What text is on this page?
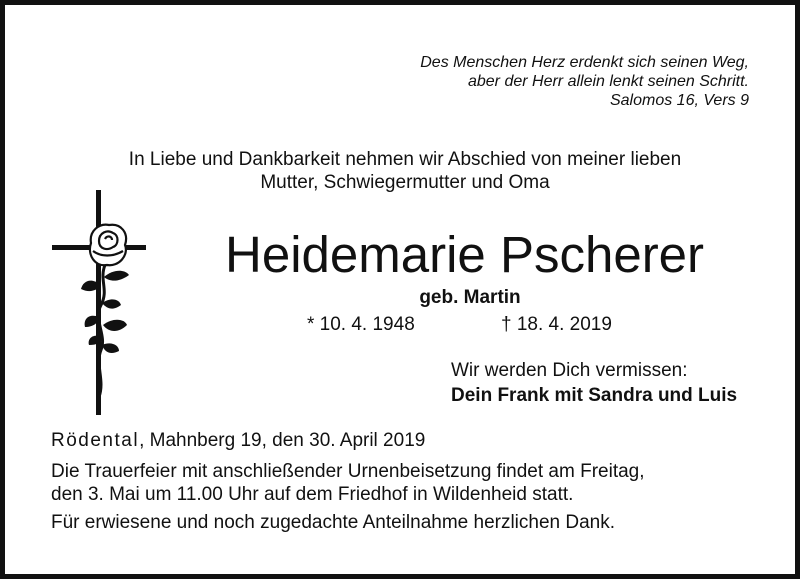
Des Menschen Herz erdenkt sich seinen Weg,
aber der Herr allein lenkt seinen Schritt.
Salomos 16, Vers 9
In Liebe und Dankbarkeit nehmen wir Abschied von meiner lieben
Mutter, Schwiegermutter und Oma
Heidemarie Pscherer
geb. Martin
* 10. 4. 1948	† 18. 4. 2019
Wir werden Dich vermissen:
Dein Frank mit Sandra und Luis
Rödental, Mahnberg 19, den 30. April 2019
Die Trauerfeier mit anschließender Urnenbeisetzung findet am Freitag,
den 3. Mai um 11.00 Uhr auf dem Friedhof in Wildenheid statt.
Für erwiesene und noch zugedachte Anteilnahme herzlichen Dank.
